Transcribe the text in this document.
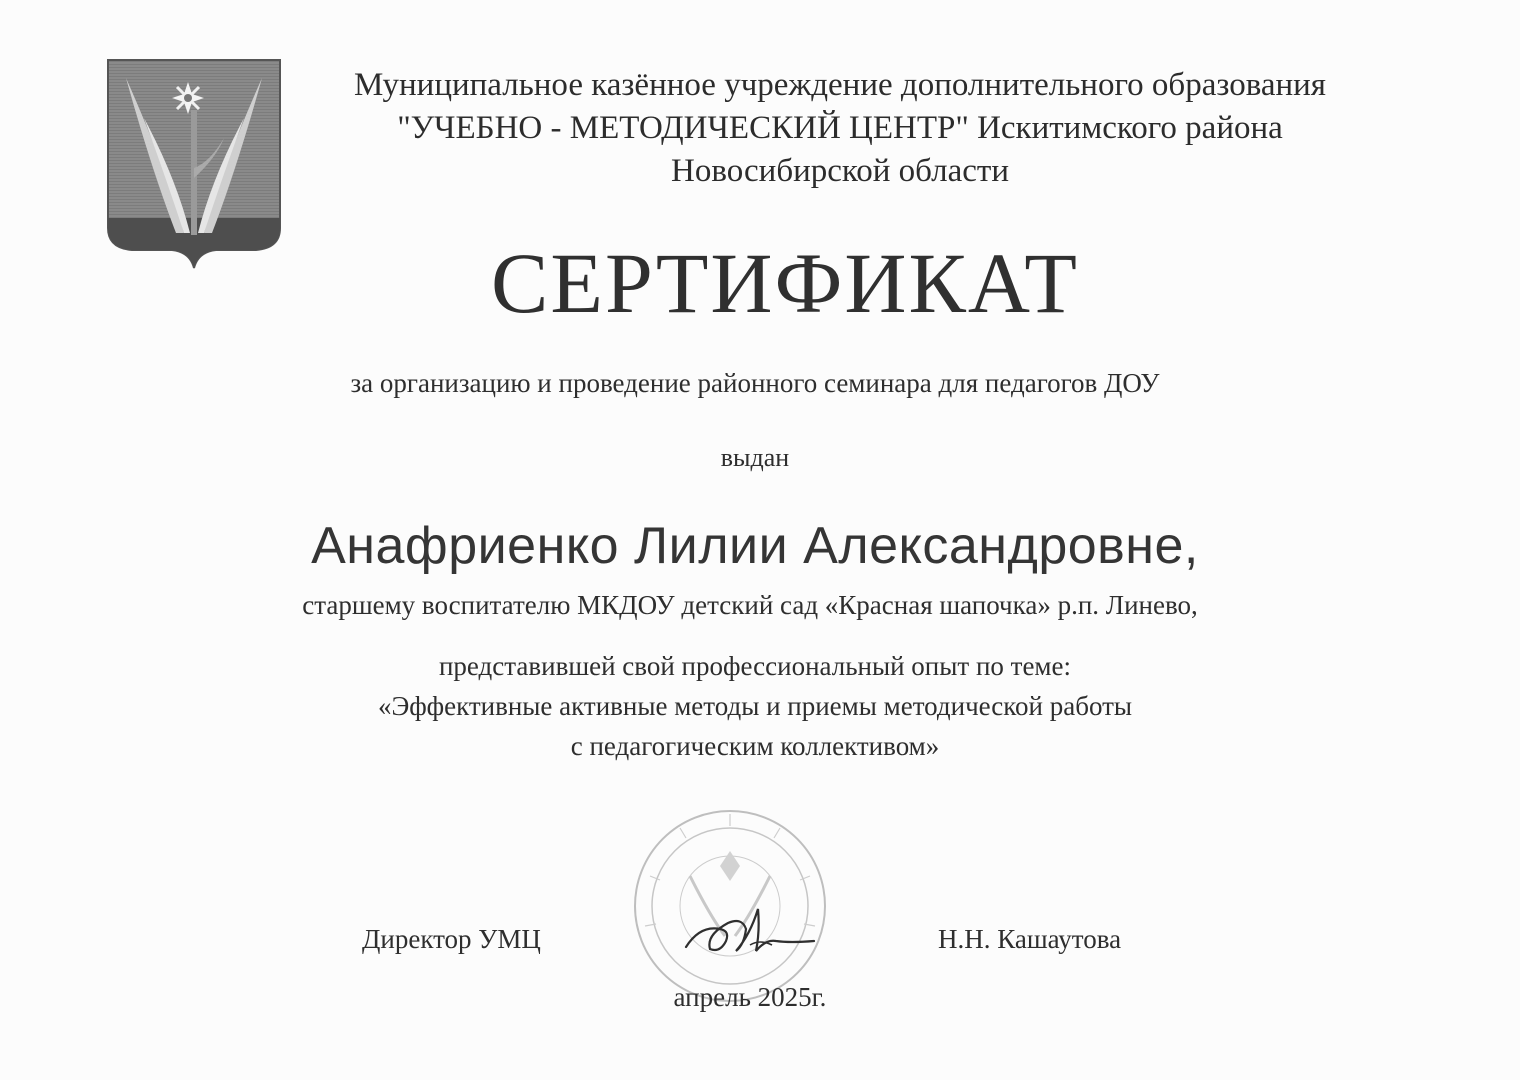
Муниципальное казённое учреждение дополнительного образования
"УЧЕБНО - МЕТОДИЧЕСКИЙ ЦЕНТР" Искитимского района
Новосибирской области
СЕРТИФИКАТ
за организацию и проведение районного семинара для педагогов ДОУ
выдан
Анафриенко Лилии Александровне,
старшему воспитателю МКДОУ детский сад «Красная шапочка» р.п. Линево,
представившей свой профессиональный опыт по теме:
«Эффективные активные методы и приемы методической работы
с педагогическим коллективом»
Директор УМЦ	Н.Н. Кашаутова
апрель 2025г.
